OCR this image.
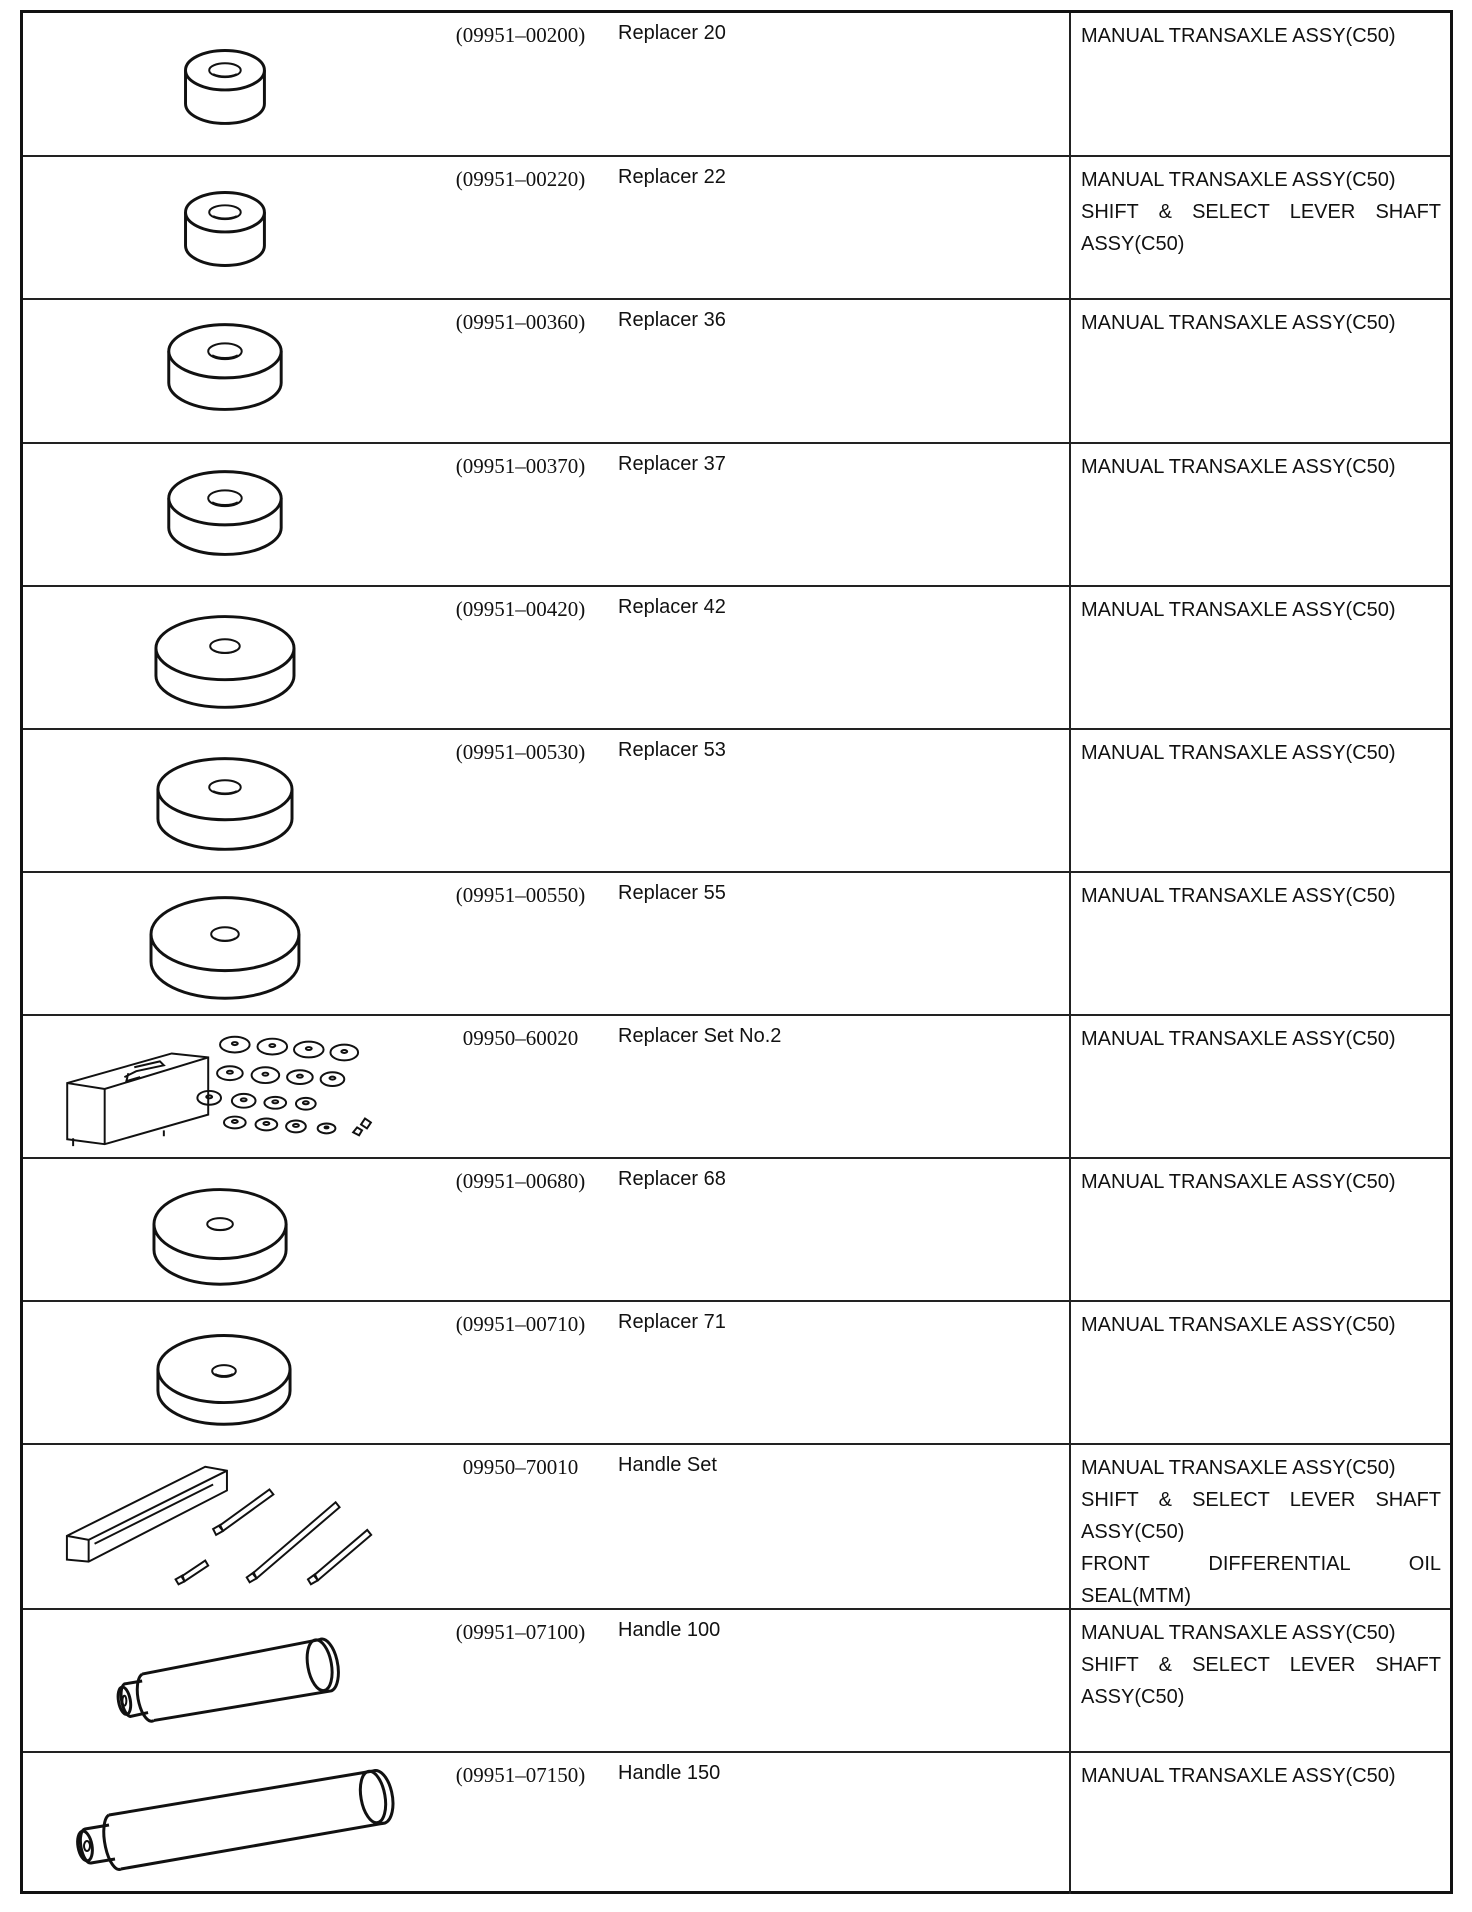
(09951–00200)	Replacer 20	MANUAL TRANSAXLE ASSY(C50)
(09951–00220)	Replacer 22	MANUAL TRANSAXLE ASSY(C50)
SHIFT & SELECT LEVER SHAFT
ASSY(C50)
(09951–00360)	Replacer 36	MANUAL TRANSAXLE ASSY(C50)
(09951–00370)	Replacer 37	MANUAL TRANSAXLE ASSY(C50)
(09951–00420)	Replacer 42	MANUAL TRANSAXLE ASSY(C50)
(09951–00530)	Replacer 53	MANUAL TRANSAXLE ASSY(C50)
(09951–00550)	Replacer 55	MANUAL TRANSAXLE ASSY(C50)
09950–60020	Replacer Set No.2	MANUAL TRANSAXLE ASSY(C50)
(09951–00680)	Replacer 68	MANUAL TRANSAXLE ASSY(C50)
(09951–00710)	Replacer 71	MANUAL TRANSAXLE ASSY(C50)
09950–70010	Handle Set	MANUAL TRANSAXLE ASSY(C50)
SHIFT & SELECT LEVER SHAFT
ASSY(C50)
FRONT DIFFERENTIAL OIL
SEAL(MTM)
(09951–07100)	Handle 100	MANUAL TRANSAXLE ASSY(C50)
SHIFT & SELECT LEVER SHAFT
ASSY(C50)
(09951–07150)	Handle 150	MANUAL TRANSAXLE ASSY(C50)
